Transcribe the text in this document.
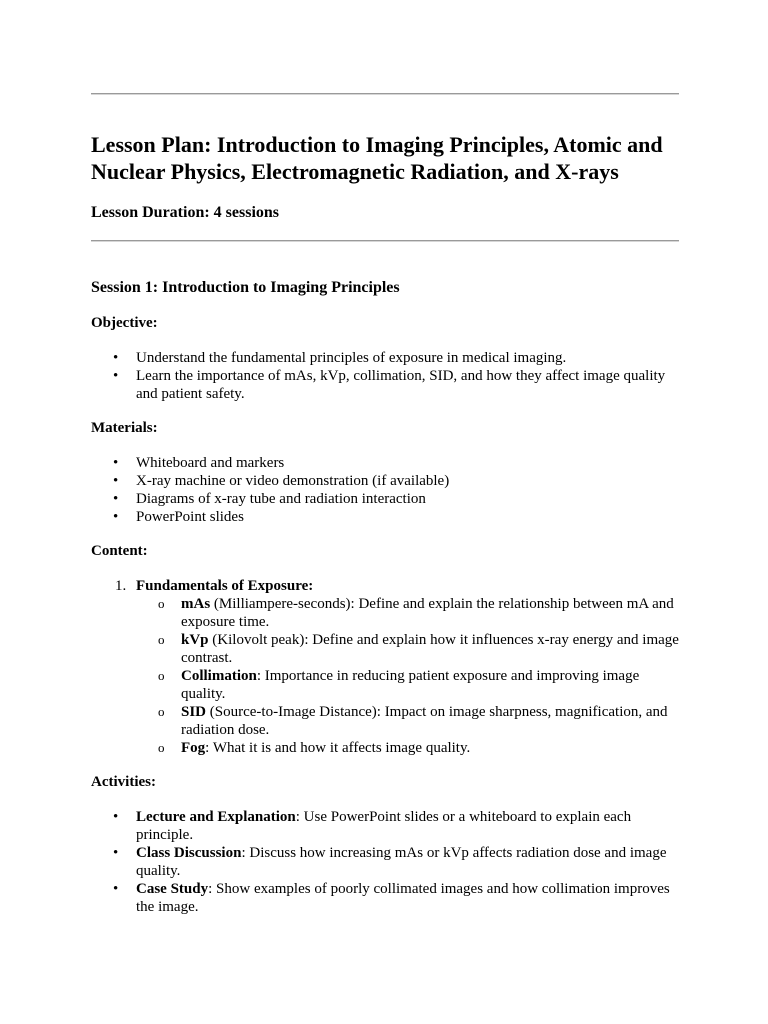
Lesson Plan: Introduction to Imaging Principles, Atomic and Nuclear Physics, Electromagnetic Radiation, and X-rays
Lesson Duration: 4 sessions
Session 1: Introduction to Imaging Principles
Objective:
• Understand the fundamental principles of exposure in medical imaging.
• Learn the importance of mAs, kVp, collimation, SID, and how they affect image quality and patient safety.
Materials:
• Whiteboard and markers
• X-ray machine or video demonstration (if available)
• Diagrams of x-ray tube and radiation interaction
• PowerPoint slides
Content:
1. Fundamentals of Exposure:
o mAs (Milliampere-seconds): Define and explain the relationship between mA and exposure time.
o kVp (Kilovolt peak): Define and explain how it influences x-ray energy and image contrast.
o Collimation: Importance in reducing patient exposure and improving image quality.
o SID (Source-to-Image Distance): Impact on image sharpness, magnification, and radiation dose.
o Fog: What it is and how it affects image quality.
Activities:
• Lecture and Explanation: Use PowerPoint slides or a whiteboard to explain each principle.
• Class Discussion: Discuss how increasing mAs or kVp affects radiation dose and image quality.
• Case Study: Show examples of poorly collimated images and how collimation improves the image.
